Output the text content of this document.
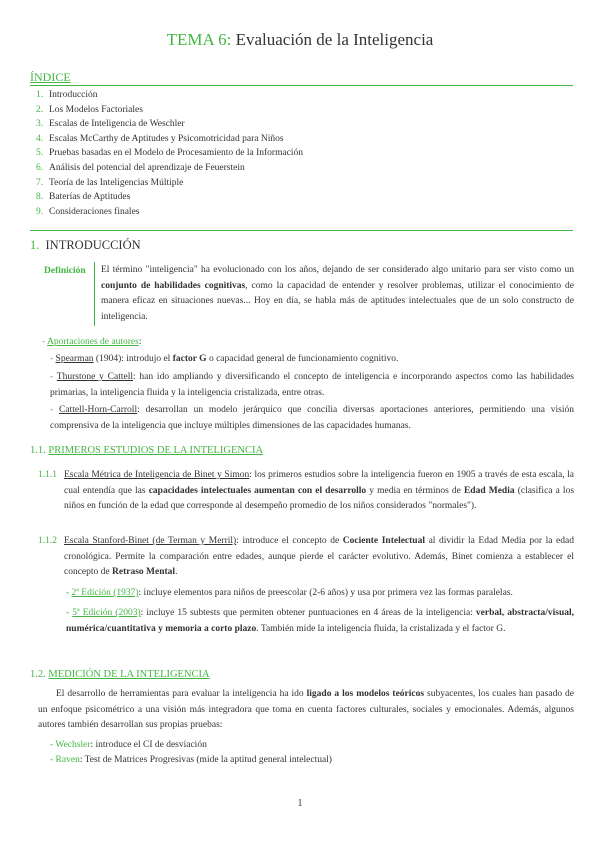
TEMA 6: Evaluación de la Inteligencia
ÍNDICE
1. Introducción
2. Los Modelos Factoriales
3. Escalas de Inteligencia de Weschler
4. Escalas McCarthy de Aptitudes y Psicomotricidad para Niños
5. Pruebas basadas en el Modelo de Procesamiento de la Información
6. Análisis del potencial del aprendizaje de Feuerstein
7. Teoría de las Inteligencias Múltiple
8. Baterías de Aptitudes
9. Consideraciones finales
1. INTRODUCCIÓN
Definición El término "inteligencia" ha evolucionado con los años, dejando de ser considerado algo unitario para ser visto como un conjunto de habilidades cognitivas, como la capacidad de entender y resolver problemas, utilizar el conocimiento de manera eficaz en situaciones nuevas... Hoy en día, se habla más de aptitudes intelectuales que de un solo constructo de inteligencia.
- Aportaciones de autores:
- Spearman (1904): introdujo el factor G o capacidad general de funcionamiento cognitivo.
- Thurstone y Cattell: han ido ampliando y diversificando el concepto de inteligencia e incorporando aspectos como las habilidades primarias, la inteligencia fluida y la inteligencia cristalizada, entre otras.
- Cattell-Horn-Carroll: desarrollan un modelo jerárquico que concilia diversas aportaciones anteriores, permitiendo una visión comprensiva de la inteligencia que incluye múltiples dimensiones de las capacidades humanas.
1.1. PRIMEROS ESTUDIOS DE LA INTELIGENCIA
1.1.1 Escala Métrica de Inteligencia de Binet y Simon: los primeros estudios sobre la inteligencia fueron en 1905 a través de esta escala, la cual entendía que las capacidades intelectuales aumentan con el desarrollo y media en términos de Edad Media (clasifica a los niños en función de la edad que corresponde al desempeño promedio de los niños considerados "normales").
1.1.2 Escala Stanford-Binet (de Terman y Merril): introduce el concepto de Cociente Intelectual al dividir la Edad Media por la edad cronológica. Permite la comparación entre edades, aunque pierde el carácter evolutivo. Además, Binet comienza a establecer el concepto de Retraso Mental.
- 2ª Edición (1937): incluye elementos para niños de preescolar (2-6 años) y usa por primera vez las formas paralelas.
- 5ª Edición (2003): incluye 15 subtests que permiten obtener puntuaciones en 4 áreas de la inteligencia: verbal, abstracta/visual, numérica/cuantitativa y memoria a corto plazo. También mide la inteligencia fluida, la cristalizada y el factor G.
1.2. MEDICIÓN DE LA INTELIGENCIA
El desarrollo de herramientas para evaluar la inteligencia ha ido ligado a los modelos teóricos subyacentes, los cuales han pasado de un enfoque psicométrico a una visión más integradora que toma en cuenta factores culturales, sociales y emocionales. Además, algunos autores también desarrollan sus propias pruebas:
- Wechsler: introduce el CI de desviación
- Raven: Test de Matrices Progresivas (mide la aptitud general intelectual)
1
